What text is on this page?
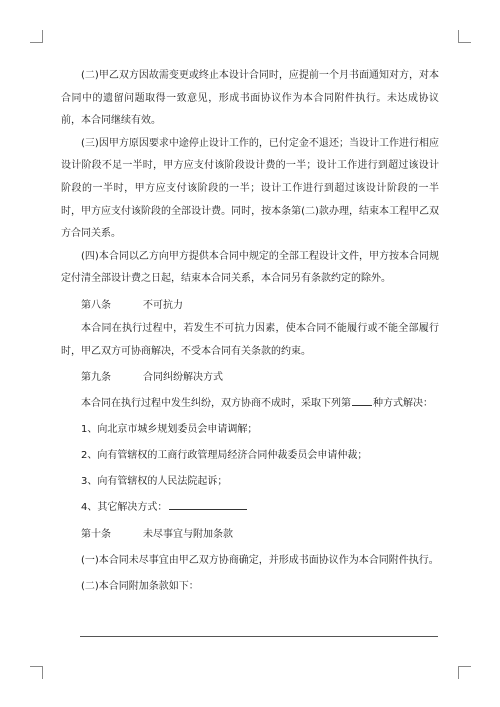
(二)甲乙双方因故需变更或终止本设计合同时，应提前一个月书面通知对方，对本合同中的遗留问题取得一致意见，形成书面协议作为本合同附件执行。未达成协议前，本合同继续有效。

(三)因甲方原因要求中途停止设计工作的，已付定金不退还；当设计工作进行相应设计阶段不足一半时，甲方应支付该阶段设计费的一半；设计工作进行到超过该设计阶段的一半时，甲方应支付该阶段的一半；设计工作进行到超过该设计阶段的一半时，甲方应支付该阶段的全部设计费。同时，按本条第(二)款办理，结束本工程甲乙双方合同关系。

(四)本合同以乙方向甲方提供本合同中规定的全部工程设计文件，甲方按本合同规定付清全部设计费之日起，结束本合同关系，本合同另有条款约定的除外。

第八条	不可抗力

本合同在执行过程中，若发生不可抗力因素，使本合同不能履行或不能全部履行时，甲乙双方可协商解决，不受本合同有关条款的约束。

第九条	合同纠纷解决方式

本合同在执行过程中发生纠纷，双方协商不成时，采取下列第 种方式解决：

1、向北京市城乡规划委员会申请调解；

2、向有管辖权的工商行政管理局经济合同仲裁委员会申请仲裁；

3、向有管辖权的人民法院起诉；

4、其它解决方式：

第十条	未尽事宜与附加条款

(一)本合同未尽事宜由甲乙双方协商确定，并形成书面协议作为本合同附件执行。

(二)本合同附加条款如下：
